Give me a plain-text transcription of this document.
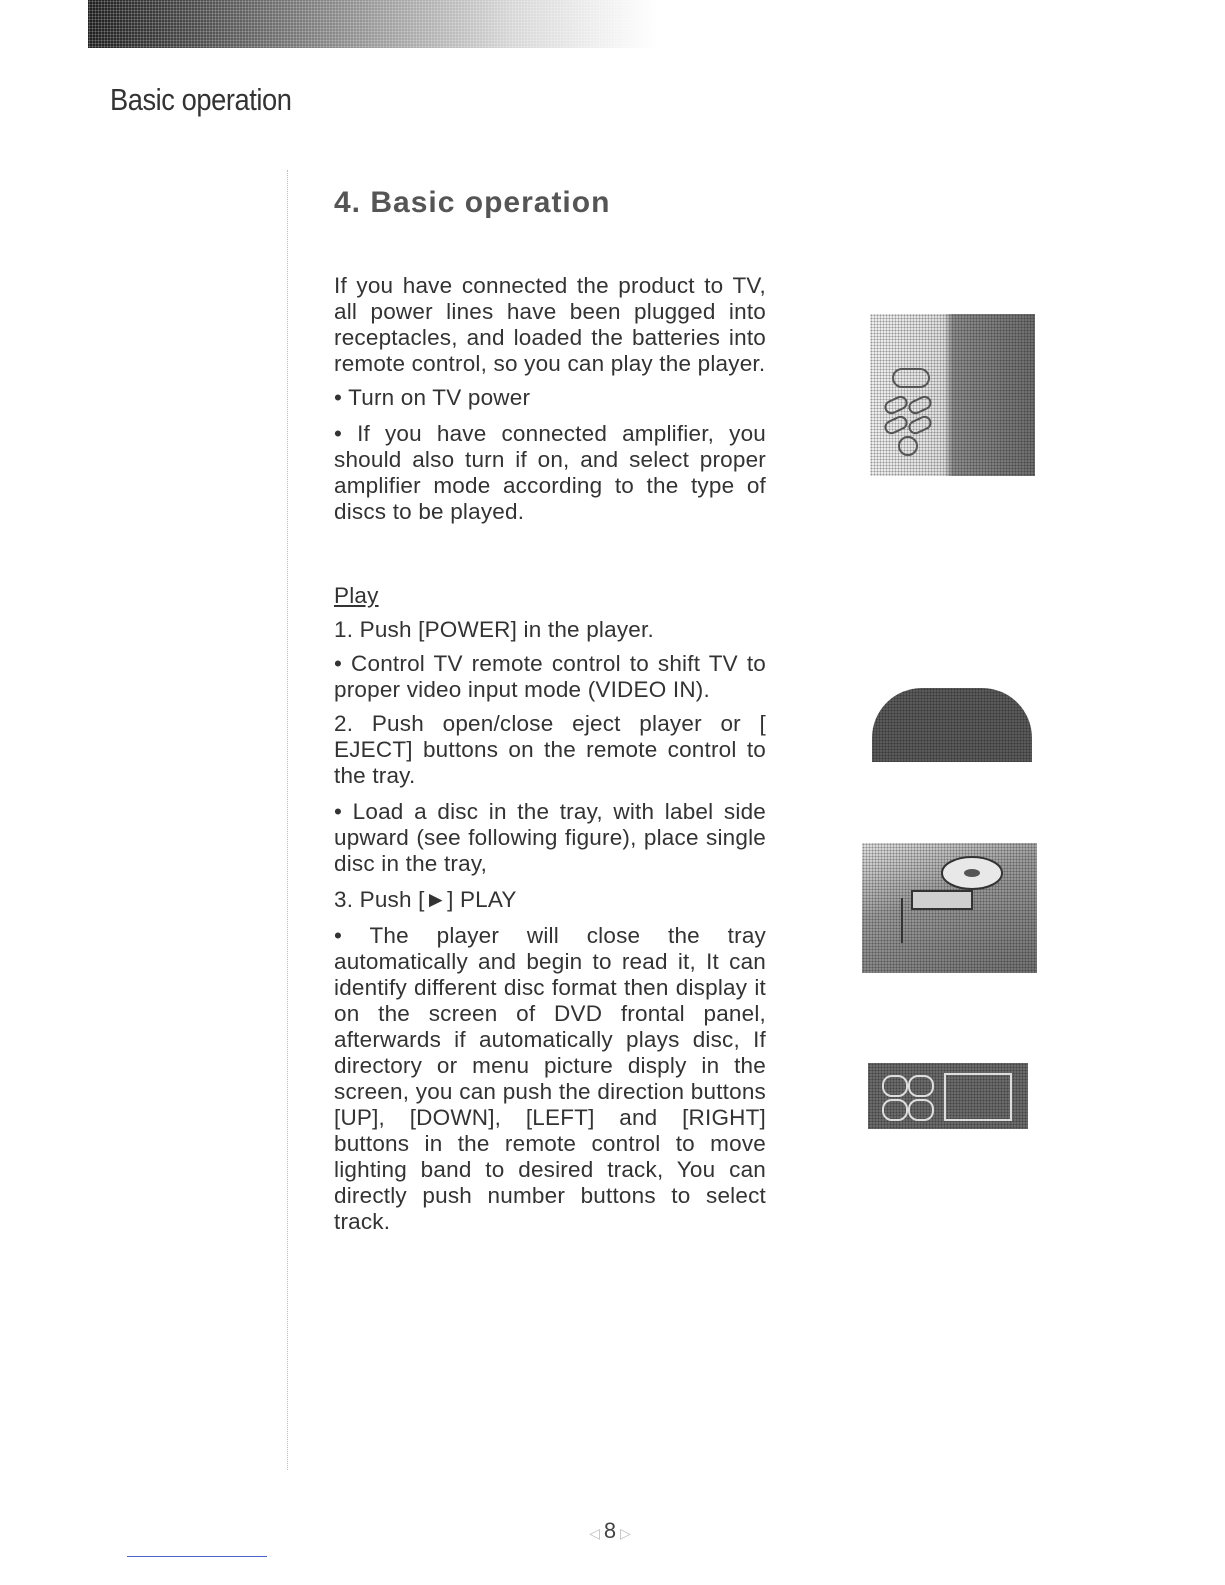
Basic operation
4. Basic operation

If you have connected the product to TV, all power lines have been plugged into receptacles, and loaded the batteries into remote control, so you can play the player.

• Turn on TV power

• If you have connected amplifier, you should also turn if on, and select proper amplifier mode according to the type of discs to be played.

Play

1. Push [POWER] in the player.

• Control TV remote control to shift TV to proper video input mode (VIDEO IN).

2. Push open/close eject player or [ EJECT] buttons on the remote control to the tray.

• Load a disc in the tray, with label side upward (see following figure), place single disc in the tray,

3. Push [►] PLAY

• The player will close the tray automatically and begin to read it, It can identify different disc format then display it on the screen of DVD frontal panel, afterwards if automatically plays disc, If directory or menu picture disply in the screen, you can push the direction buttons [UP], [DOWN], [LEFT] and [RIGHT] buttons in the remote control to move lighting band to desired track, You can directly push number buttons to select track.

◁ 8 ▷
